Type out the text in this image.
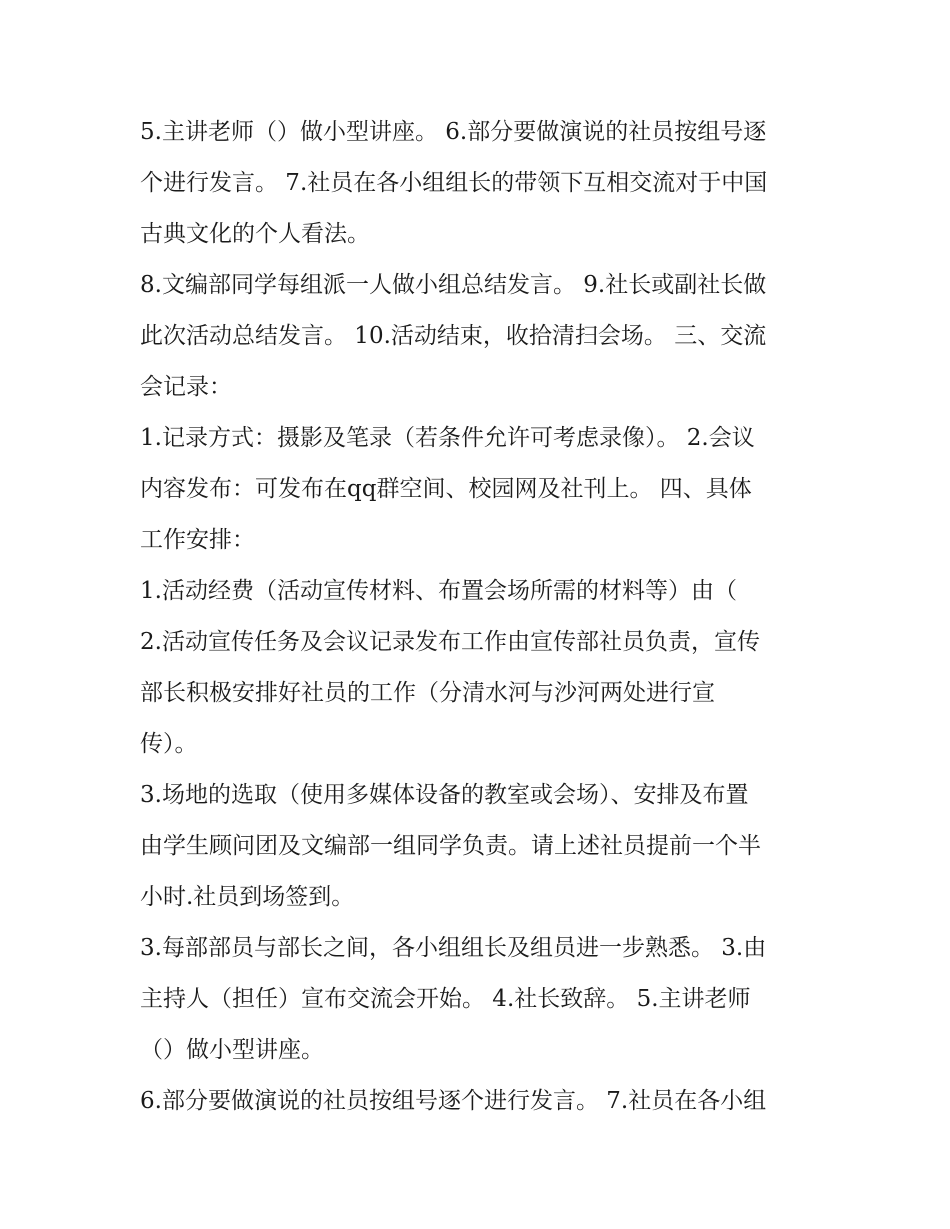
5.主讲老师（）做小型讲座。 6.部分要做演说的社员按组号逐
个进行发言。 7.社员在各小组组长的带领下互相交流对于中国
古典文化的个人看法。
8.文编部同学每组派一人做小组总结发言。 9.社长或副社长做
此次活动总结发言。 10.活动结束，收拾清扫会场。 三、交流
会记录：
1.记录方式：摄影及笔录（若条件允许可考虑录像）。 2.会议
内容发布：可发布在qq群空间、校园网及社刊上。 四、具体
工作安排：
1.活动经费（活动宣传材料、布置会场所需的材料等）由（
2.活动宣传任务及会议记录发布工作由宣传部社员负责，宣传
部长积极安排好社员的工作（分清水河与沙河两处进行宣
传）。
3.场地的选取（使用多媒体设备的教室或会场）、安排及布置
由学生顾问团及文编部一组同学负责。请上述社员提前一个半
小时.社员到场签到。
3.每部部员与部长之间，各小组组长及组员进一步熟悉。 3.由
主持人（担任）宣布交流会开始。 4.社长致辞。 5.主讲老师
（）做小型讲座。
6.部分要做演说的社员按组号逐个进行发言。 7.社员在各小组
